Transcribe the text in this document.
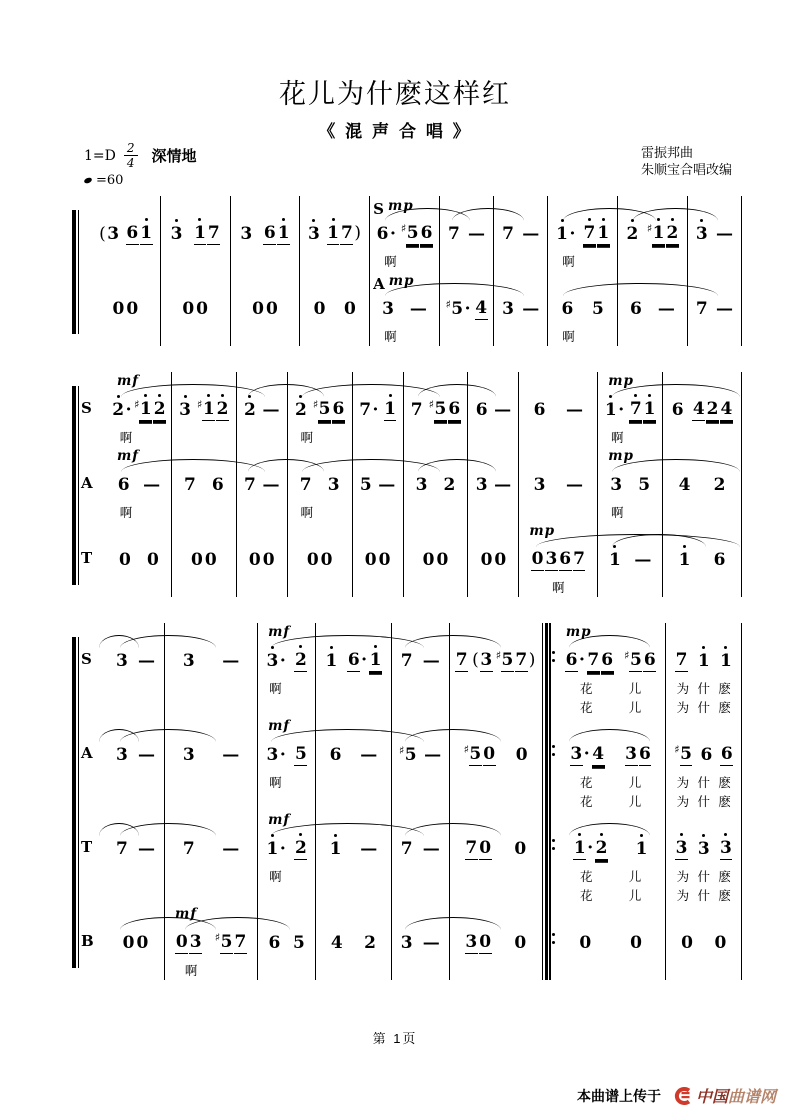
花儿为什麽这样红
《 混 声 合 唱 》
$1=D \frac{2}{4}$ 深情地
=60
雷振邦曲
朱顺宝合唱改编
( 3 6 1 3 1 7 3 6 1 3 1 7 )
S mp
6 · ♯ 5 6
啊
7 — 7 — 1 · 7 1
啊
2 ♯ 1 2 3 —
0 0	0 0	0 0 0 0
A mp
3 —
啊
♯ 5 · 4 3 — 6 5
啊
6 — 7 —
S
mf
2 · ♯ 1 2
啊
3 ♯ 1 2 2 — 2 ♯ 5 6
啊
7 · 1 7 ♯ 5 6 6 — 6 —
mp
1 · 7 1
啊
6 4 2 4
A
mf
6 —
啊
7 6 7 — 7 3
啊
5 — 3 2 3 — 3 —
mp
3 5
啊
4 2
T	0 0 0 0 0 0 0 0 0 0 0 0 0 0
mp
0 3 6 7
啊
1 — 1 6
S	3 — 3 —
mf
3 · 2
啊
1 6 · 1 7 — 7 ( 3 ♯ 5 7 )
mp
6 · 7 6 ♯ 5 6
花	儿
花	儿
7 1 1
为 什 麽
为 什 麽
A	3 — 3 —
mf
3 · 5
啊
6 — ♯ 5 — ♯ 5 0 0	3 · 4 3 6
花	儿
花	儿
♯ 5 6 6
为 什 麽
为 什 麽
T	7 — 7 —
mf
1 · 2
啊
1 — 7 — 7 0 0	1 · 2 1
花	儿
花	儿
3 3 3
为 什 麽
为 什 麽
B	0 0
mf
0 3 ♯ 5 7
啊
6 5 4 2 3 — 3 0 0	0 0 0 0
第 1页
本曲谱上传于 中国 曲谱网
